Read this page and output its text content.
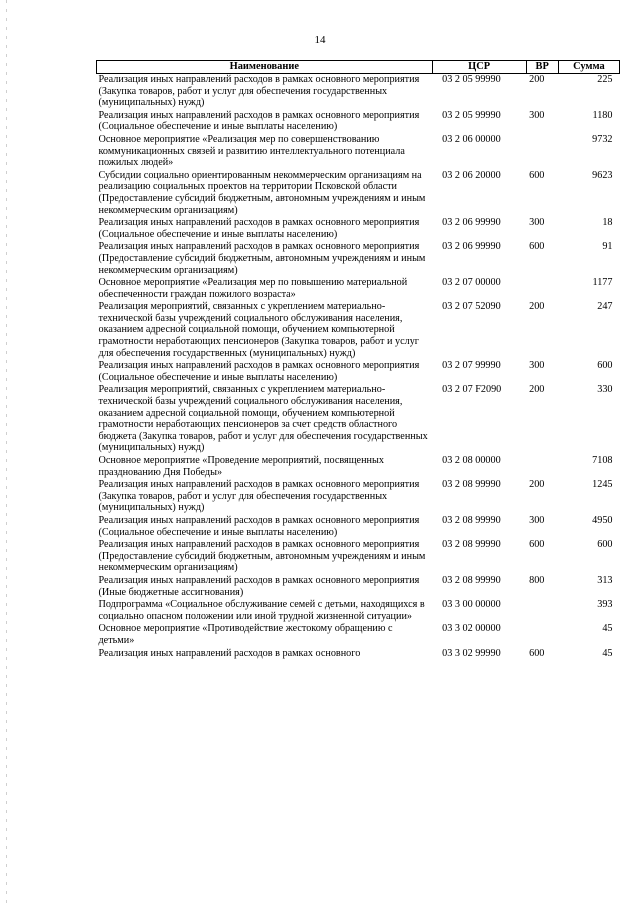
14
Наименование	ЦСР	ВР	Сумма
Реализация иных направлений расходов в рамках основного мероприятия (Закупка товаров, работ и услуг для обеспечения государственных (муниципальных) нужд)	03 2 05 99990	200	225
Реализация иных направлений расходов в рамках основного мероприятия (Социальное обеспечение и иные выплаты населению)	03 2 05 99990	300	1180
Основное мероприятие «Реализация мер по совершенствованию коммуникационных связей и развитию интеллектуального потенциала пожилых людей»	03 2 06 00000		9732
Субсидии социально ориентированным некоммерческим организациям на реализацию социальных проектов на территории Псковской области (Предоставление субсидий бюджетным, автономным учреждениям и иным некоммерческим организациям)	03 2 06 20000	600	9623
Реализация иных направлений расходов в рамках основного мероприятия (Социальное обеспечение и иные выплаты населению)	03 2 06 99990	300	18
Реализация иных направлений расходов в рамках основного мероприятия (Предоставление субсидий бюджетным, автономным учреждениям и иным некоммерческим организациям)	03 2 06 99990	600	91
Основное мероприятие «Реализация мер по повышению материальной обеспеченности граждан пожилого возраста»	03 2 07 00000		1177
Реализация мероприятий, связанных с укреплением материально-технической базы учреждений социального обслуживания населения, оказанием адресной социальной помощи, обучением компьютерной грамотности неработающих пенсионеров (Закупка товаров, работ и услуг для обеспечения государственных (муниципальных) нужд)	03 2 07 52090	200	247
Реализация иных направлений расходов в рамках основного мероприятия (Социальное обеспечение и иные выплаты населению)	03 2 07 99990	300	600
Реализация мероприятий, связанных с укреплением материально-технической базы учреждений социального обслуживания населения, оказанием адресной социальной помощи, обучением компьютерной грамотности неработающих пенсионеров за счет средств областного бюджета (Закупка товаров, работ и услуг для обеспечения государственных (муниципальных) нужд)	03 2 07 F2090	200	330
Основное мероприятие «Проведение мероприятий, посвященных празднованию Дня Победы»	03 2 08 00000		7108
Реализация иных направлений расходов в рамках основного мероприятия (Закупка товаров, работ и услуг для обеспечения государственных (муниципальных) нужд)	03 2 08 99990	200	1245
Реализация иных направлений расходов в рамках основного мероприятия (Социальное обеспечение и иные выплаты населению)	03 2 08 99990	300	4950
Реализация иных направлений расходов в рамках основного мероприятия (Предоставление субсидий бюджетным, автономным учреждениям и иным некоммерческим организациям)	03 2 08 99990	600	600
Реализация иных направлений расходов в рамках основного мероприятия (Иные бюджетные ассигнования)	03 2 08 99990	800	313
Подпрограмма «Социальное обслуживание семей с детьми, находящихся в социально опасном положении или иной трудной жизненной ситуации»	03 3 00 00000		393
Основное мероприятие «Противодействие жестокому обращению с детьми»	03 3 02 00000		45
Реализация иных направлений расходов в рамках основного	03 3 02 99990	600	45
